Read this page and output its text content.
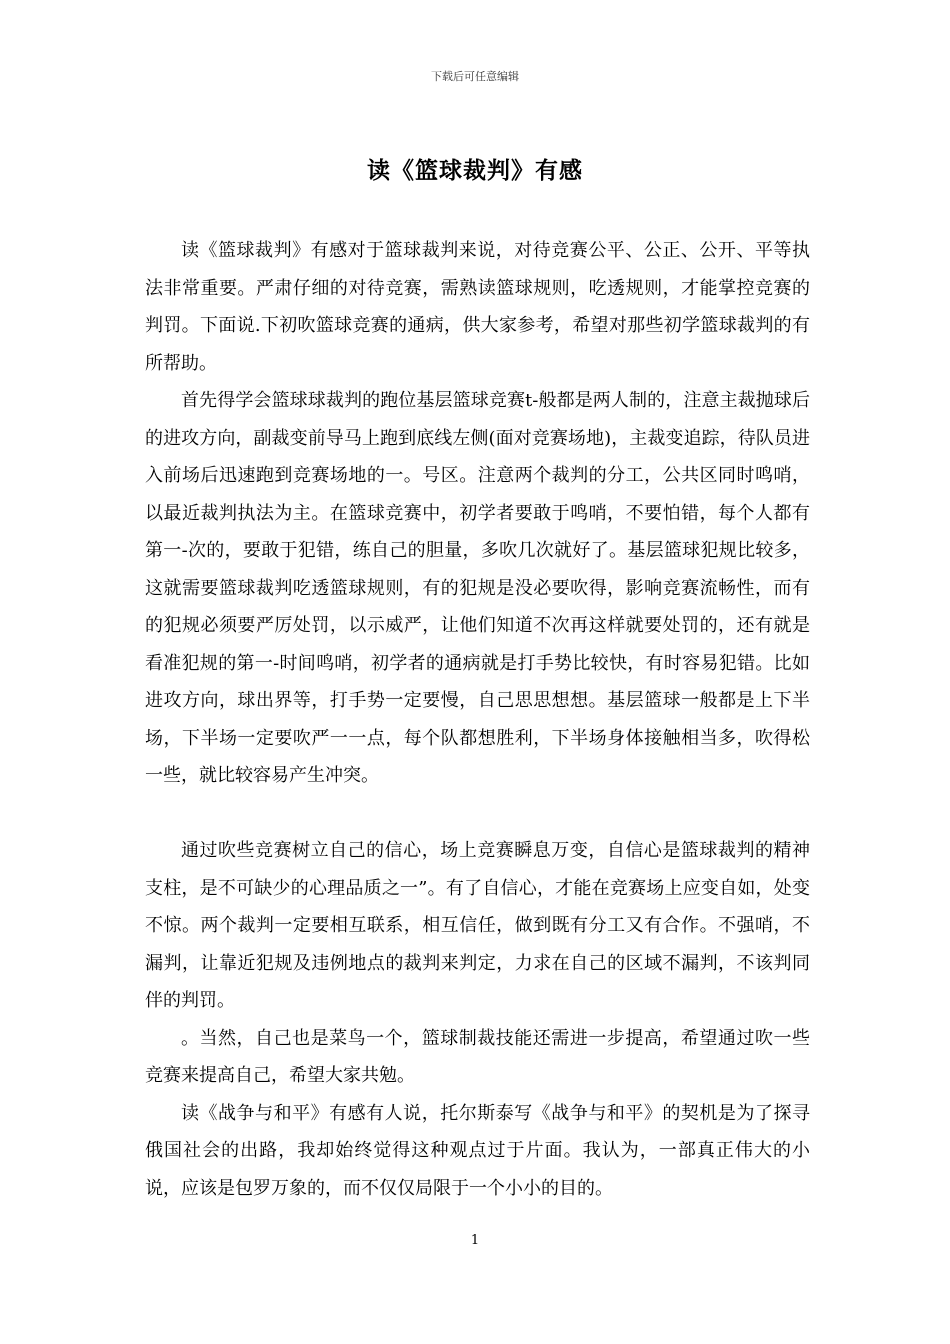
下载后可任意编辑
读《篮球裁判》有感

读《篮球裁判》有感对于篮球裁判来说，对待竞赛公平、公正、公开、平等执法非常重要。严肃仔细的对待竞赛，需熟读篮球规则，吃透规则，才能掌控竞赛的判罚。下面说.下初吹篮球竞赛的通病，供大家参考，希望对那些初学篮球裁判的有所帮助。

首先得学会篮球球裁判的跑位基层篮球竞赛t-般都是两人制的，注意主裁抛球后的进攻方向，副裁变前导马上跑到底线左侧(面对竞赛场地)，主裁变追踪，待队员进入前场后迅速跑到竞赛场地的一。号区。注意两个裁判的分工，公共区同时鸣哨，以最近裁判执法为主。在篮球竞赛中，初学者要敢于鸣哨，不要怕错，每个人都有第一-次的，要敢于犯错，练自己的胆量，多吹几次就好了。基层篮球犯规比较多，这就需要篮球裁判吃透篮球规则，有的犯规是没必要吹得，影响竞赛流畅性，而有的犯规必须要严厉处罚，以示威严，让他们知道不次再这样就要处罚的，还有就是看准犯规的第一-时间鸣哨，初学者的通病就是打手势比较快，有时容易犯错。比如进攻方向，球出界等，打手势一定要慢，自己思思想想。基层篮球一般都是上下半场，下半场一定要吹严一一点，每个队都想胜利，下半场身体接触相当多，吹得松一些，就比较容易产生冲突。

通过吹些竞赛树立自己的信心，场上竞赛瞬息万变，自信心是篮球裁判的精神支柱，是不可缺少的心理品质之一”。有了自信心，才能在竞赛场上应变自如，处变不惊。两个裁判一定要相互联系，相互信任，做到既有分工又有合作。不强哨，不漏判，让靠近犯规及违例地点的裁判来判定，力求在自己的区域不漏判，不该判同伴的判罚。

。当然，自己也是菜鸟一个，篮球制裁技能还需进一步提高，希望通过吹一些竞赛来提高自己，希望大家共勉。

读《战争与和平》有感有人说，托尔斯泰写《战争与和平》的契机是为了探寻俄国社会的出路，我却始终觉得这种观点过于片面。我认为，一部真正伟大的小说，应该是包罗万象的，而不仅仅局限于一个小小的目的。

1
